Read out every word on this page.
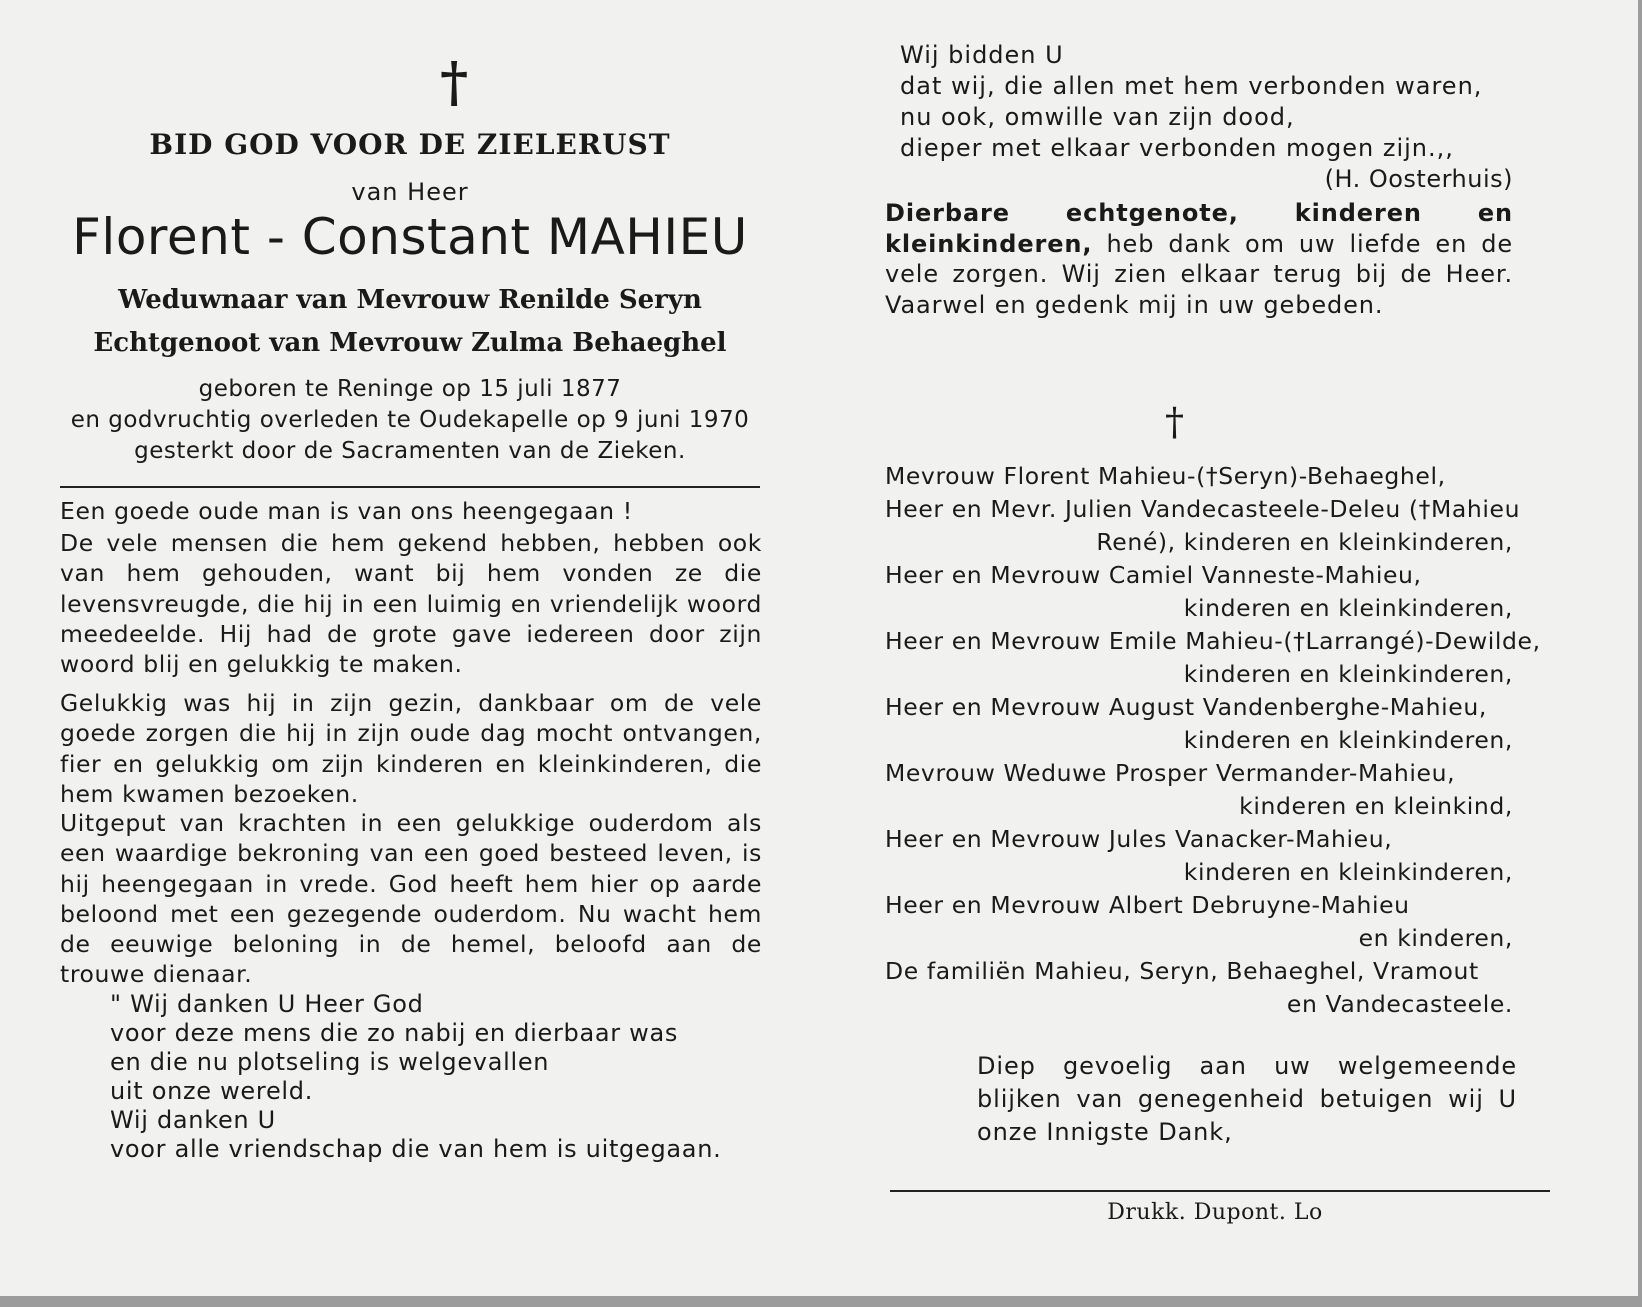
†
BID GOD VOOR DE ZIELERUST
van Heer
Florent - Constant MAHIEU
Weduwnaar van Mevrouw Renilde Seryn
Echtgenoot van Mevrouw Zulma Behaeghel
geboren te Reninge op 15 juli 1877
en godvruchtig overleden te Oudekapelle op 9 juni 1970
gesterkt door de Sacramenten van de Zieken.
Een goede oude man is van ons heengegaan !
De vele mensen die hem gekend hebben, hebben ook van hem gehouden, want bij hem vonden ze die levensvreugde, die hij in een luimig en vriendelijk woord meedeelde. Hij had de grote gave iedereen door zijn woord blij en gelukkig te maken.
Gelukkig was hij in zijn gezin, dankbaar om de vele goede zorgen die hij in zijn oude dag mocht ontvangen, fier en gelukkig om zijn kinderen en kleinkinderen, die hem kwamen bezoeken.
Uitgeput van krachten in een gelukkige ouderdom als een waardige bekroning van een goed besteed leven, is hij heengegaan in vrede. God heeft hem hier op aarde beloond met een gezegende ouderdom. Nu wacht hem de eeuwige beloning in de hemel, beloofd aan de trouwe dienaar.
" Wij danken U Heer God
voor deze mens die zo nabij en dierbaar was
en die nu plotseling is welgevallen
uit onze wereld.
Wij danken U
voor alle vriendschap die van hem is uitgegaan.
Wij bidden U
dat wij, die allen met hem verbonden waren,
nu ook, omwille van zijn dood,
dieper met elkaar verbonden mogen zijn.,,
(H. Oosterhuis)
Dierbare echtgenote, kinderen en kleinkinderen, heb dank om uw liefde en de vele zorgen. Wij zien elkaar terug bij de Heer. Vaarwel en gedenk mij in uw gebeden.
†
Mevrouw Florent Mahieu-(†Seryn)-Behaeghel,
Heer en Mevr. Julien Vandecasteele-Deleu (†Mahieu
René), kinderen en kleinkinderen,
Heer en Mevrouw Camiel Vanneste-Mahieu,
kinderen en kleinkinderen,
Heer en Mevrouw Emile Mahieu-(†Larrangé)-Dewilde,
kinderen en kleinkinderen,
Heer en Mevrouw August Vandenberghe-Mahieu,
kinderen en kleinkinderen,
Mevrouw Weduwe Prosper Vermander-Mahieu,
kinderen en kleinkind,
Heer en Mevrouw Jules Vanacker-Mahieu,
kinderen en kleinkinderen,
Heer en Mevrouw Albert Debruyne-Mahieu
en kinderen,
De familiën Mahieu, Seryn, Behaeghel, Vramout
en Vandecasteele.
Diep gevoelig aan uw welgemeende blijken van genegenheid betuigen wij U onze Innigste Dank,
Drukk. Dupont. Lo
